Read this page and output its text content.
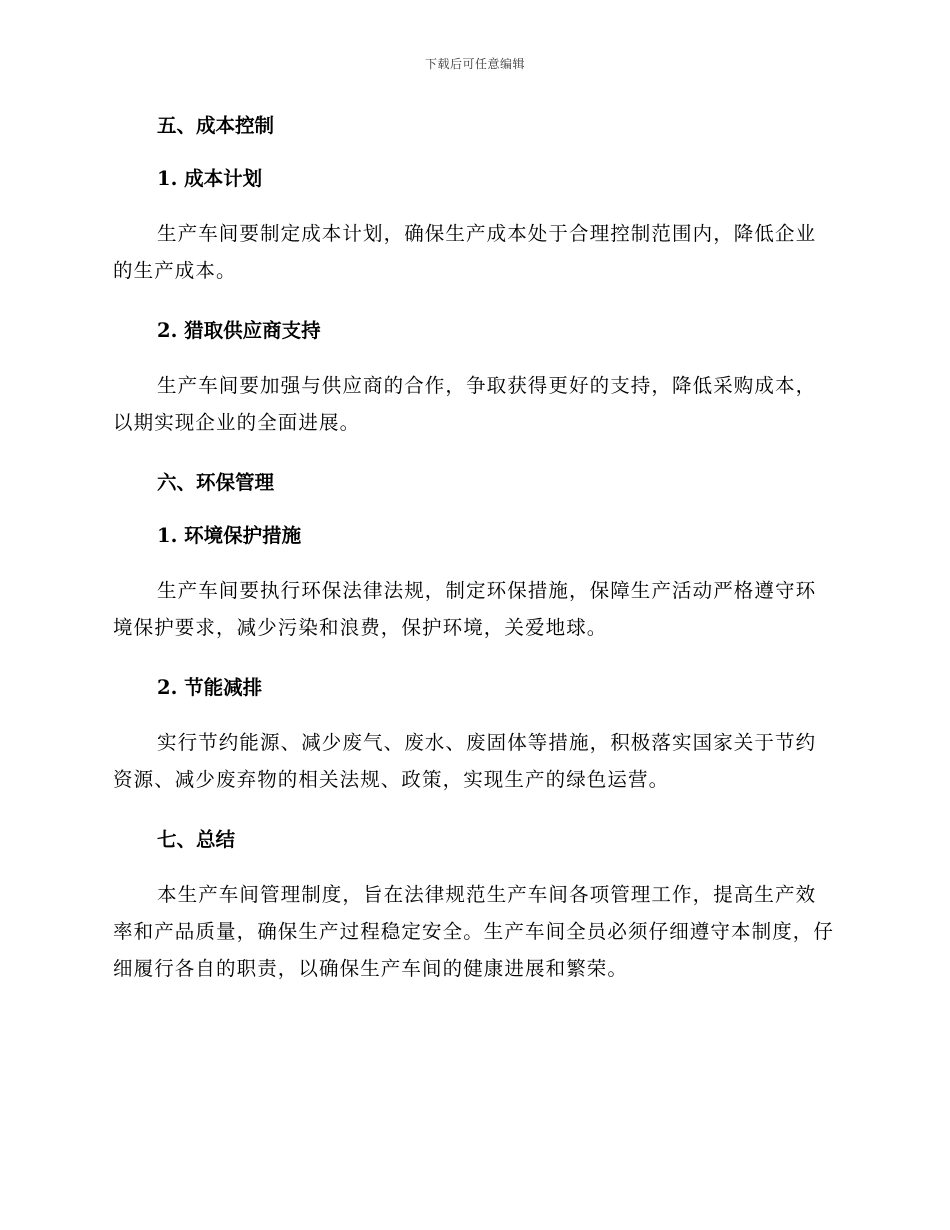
下载后可任意编辑
五、成本控制
1. 成本计划

生产车间要制定成本计划，确保生产成本处于合理控制范围内，降低企业的生产成本。

2. 猎取供应商支持

生产车间要加强与供应商的合作，争取获得更好的支持，降低采购成本，以期实现企业的全面进展。

六、环保管理
1. 环境保护措施

生产车间要执行环保法律法规，制定环保措施，保障生产活动严格遵守环境保护要求，减少污染和浪费，保护环境，关爱地球。

2. 节能减排

实行节约能源、减少废气、废水、废固体等措施，积极落实国家关于节约资源、减少废弃物的相关法规、政策，实现生产的绿色运营。

七、总结

本生产车间管理制度，旨在法律规范生产车间各项管理工作，提高生产效率和产品质量，确保生产过程稳定安全。生产车间全员必须仔细遵守本制度，仔细履行各自的职责，以确保生产车间的健康进展和繁荣。
